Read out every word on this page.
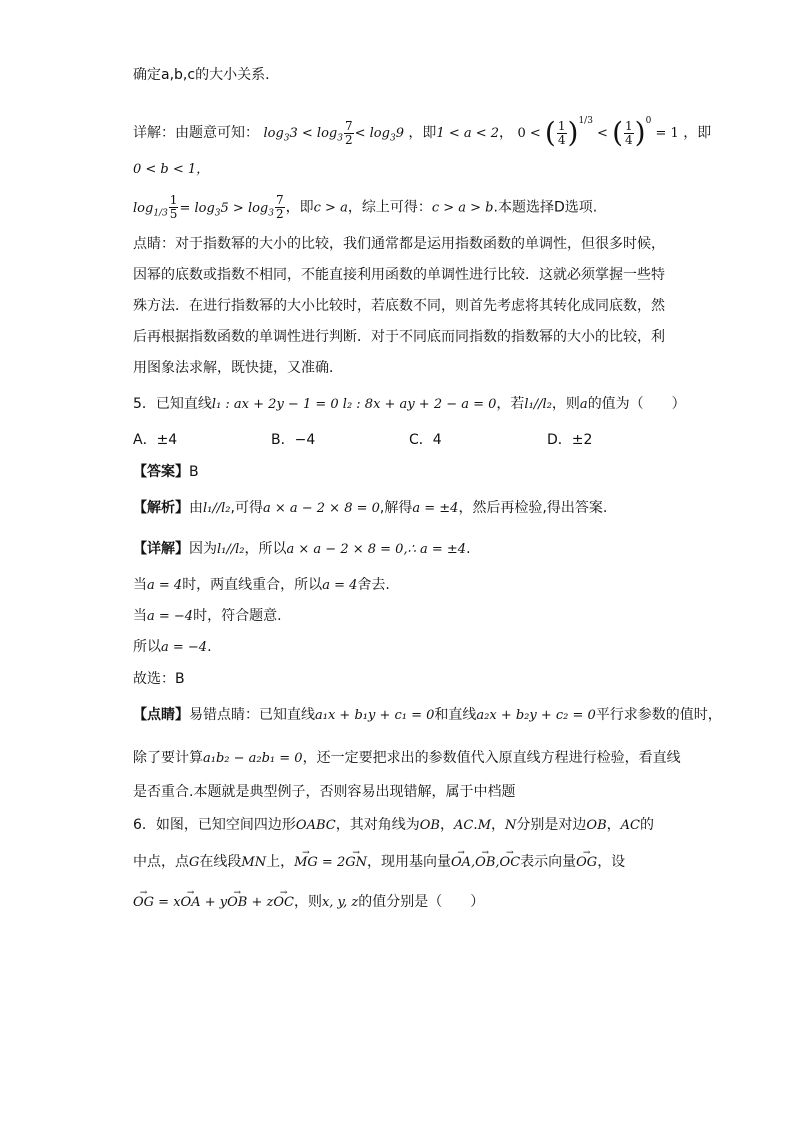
确定a,b,c的大小关系.
详解：由题意可知： $\log_33 < \log_3 \frac{7}{2} < \log_39$ ，即1 < a < 2， 0 < ( $\frac{1}{4} )^{1/3}$ < ( $\frac{1}{4} )^0 = 1$ ，即
0 < b < 1，
$\log_{1/3} \frac{1}{5} = \log_35 > \log_3 \frac{7}{2}$ ，即c > a，综上可得：c > a > b.本题选择D选项.
点睛：对于指数幂的大小的比较，我们通常都是运用指数函数的单调性，但很多时候，
因幂的底数或指数不相同，不能直接利用函数的单调性进行比较．这就必须掌握一些特
殊方法．在进行指数幂的大小比较时，若底数不同，则首先考虑将其转化成同底数，然
后再根据指数函数的单调性进行判断．对于不同底而同指数的指数幂的大小的比较，利
用图象法求解，既快捷，又准确．
5．已知直线l₁ : ax + 2y − 1 = 0 l₂ : 8x + ay + 2 − a = 0，若l₁//l₂，则a的值为（　　）
A．±4	B．−4	C．4	D．±2
【答案】B
【解析】由l₁//l₂,可得a × a − 2 × 8 = 0,解得a = ±4，然后再检验,得出答案.
【详解】因为l₁//l₂，所以a × a − 2 × 8 = 0,∴ a = ±4.
当a = 4时，两直线重合，所以a = 4舍去.
当a = −4时，符合题意.
所以a = −4.
故选：B
【点睛】易错点睛：已知直线a₁x + b₁y + c₁ = 0和直线a₂x + b₂y + c₂ = 0平行求参数的值时，
除了要计算a₁b₂ − a₂b₁ = 0，还一定要把求出的参数值代入原直线方程进行检验，看直线
是否重合.本题就是典型例子，否则容易出现错解，属于中档题
6．如图，已知空间四边形OABC，其对角线为OB，AC.M，N分别是对边OB，AC的
中点，点G在线段MN上，→ MG = 2→ GN，现用基向量→ OA,→ OB,→ OC表示向量→ OG，设
→ OG = x→ OA + y→ OB + z→ OC，则x, y, z的值分别是（　　）
